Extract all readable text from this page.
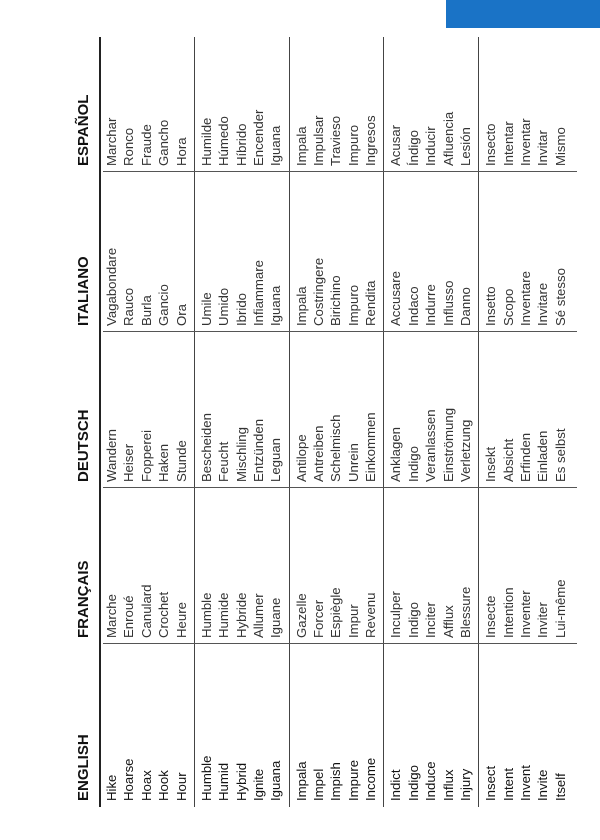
ENGLISH
FRANÇAIS
DEUTSCH
ITALIANO
ESPAÑOL
Hike
Marche
Wandern
Vagabondare
Marchar
Hoarse
Enroué
Heiser
Rauco
Ronco
Hoax
Canulard
Fopperei
Burla
Fraude
Hook
Crochet
Haken
Gancio
Gancho
Hour
Heure
Stunde
Ora
Hora
Humble
Humble
Bescheiden
Umile
Humilde
Humid
Humide
Feucht
Umido
Húmedo
Hybrid
Hybride
Mischling
Ibrido
Híbrido
Ignite
Allumer
Entzünden
Infiammare
Encender
Iguana
Iguane
Leguan
Iguana
Iguana
Impala
Gazelle
Antilope
Impala
Impala
Impel
Forcer
Antreiben
Costringere
Impulsar
Impish
Espiègle
Schelmisch
Birichino
Travieso
Impure
Impur
Unrein
Impuro
Impuro
Income
Revenu
Einkommen
Rendita
Ingresos
Indict
Inculper
Anklagen
Accusare
Acusar
Indigo
Indigo
Indigo
Indaco
Índigo
Induce
Inciter
Veranlassen
Indurre
Inducir
Influx
Afflux
Einströmung
Influsso
Afluencia
Injury
Blessure
Verletzung
Danno
Lesión
Insect
Insecte
Insekt
Insetto
Insecto
Intent
Intention
Absicht
Scopo
Intentar
Invent
Inventer
Erfinden
Inventare
Inventar
Invite
Inviter
Einladen
Invitare
Invitar
Itself
Lui-même
Es selbst
Sé stesso
Mismo
